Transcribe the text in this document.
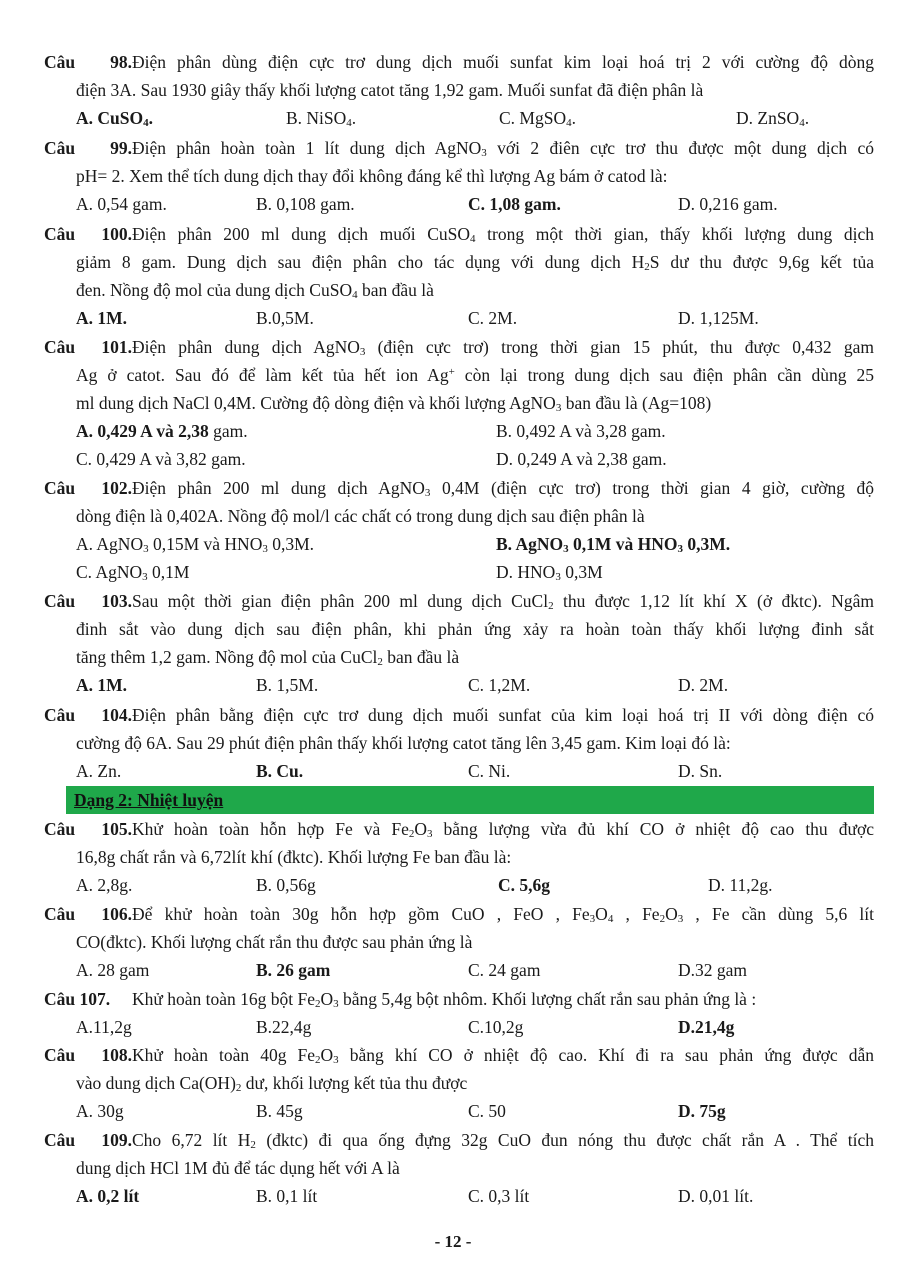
Câu 98.Điện phân dùng điện cực trơ dung dịch muối sunfat kim loại hoá trị 2 với cường độ dòng
điện 3A. Sau 1930 giây thấy khối lượng catot tăng 1,92 gam. Muối sunfat đã điện phân là
A. CuSO$_4$.	B. NiSO$_4$.	C. MgSO$_4$.	D. ZnSO$_4$.
Câu 99.Điện phân hoàn toàn 1 lít dung dịch AgNO$_3$ với 2 điên cực trơ thu được một dung dịch có
pH= 2. Xem thể tích dung dịch thay đổi không đáng kể thì lượng Ag bám ở catod là:
A. 0,54 gam.	B. 0,108 gam.	C. 1,08 gam.	D. 0,216 gam.
Câu 100.Điện phân 200 ml dung dịch muối CuSO$_4$ trong một thời gian, thấy khối lượng dung dịch
giảm 8 gam. Dung dịch sau điện phân cho tác dụng với dung dịch $H_2S$ dư thu được 9,6g kết tủa
đen. Nồng độ mol của dung dịch CuSO$_4$ ban đầu là
A. 1M.	B.0,5M.	C. 2M.	D. 1,125M.
Câu 101.Điện phân dung dịch AgNO$_3$ (điện cực trơ) trong thời gian 15 phút, thu được 0,432 gam
Ag ở catot. Sau đó để làm kết tủa hết ion Ag+ còn lại trong dung dịch sau điện phân cần dùng 25
ml dung dịch NaCl 0,4M. Cường độ dòng điện và khối lượng AgNO$_3$ ban đầu là (Ag=108)
A. 0,429 A và 2,38 gam.	B. 0,492 A và 3,28 gam.
C. 0,429 A và 3,82 gam.	D. 0,249 A và 2,38 gam.
Câu 102.Điện phân 200 ml dung dịch AgNO$_3$ 0,4M (điện cực trơ) trong thời gian 4 giờ, cường độ
dòng điện là 0,402A. Nồng độ mol/l các chất có trong dung dịch sau điện phân là
A. AgNO$_3$ 0,15M và $HNO_3$ 0,3M.	B. AgNO$_3$ 0,1M và $HNO_3$ 0,3M.
C. AgNO$_3$ 0,1M	D. $HNO_3$ 0,3M
Câu 103.Sau một thời gian điện phân 200 ml dung dịch CuCl$_2$ thu được 1,12 lít khí X (ở đktc). Ngâm
đinh sắt vào dung dịch sau điện phân, khi phản ứng xảy ra hoàn toàn thấy khối lượng đinh sắt
tăng thêm 1,2 gam. Nồng độ mol của CuCl$_2$ ban đầu là
A. 1M.	B. 1,5M.	C. 1,2M.	D. 2M.
Câu 104.Điện phân bằng điện cực trơ dung dịch muối sunfat của kim loại hoá trị II với dòng điện có
cường độ 6A. Sau 29 phút điện phân thấy khối lượng catot tăng lên 3,45 gam. Kim loại đó là:
A. Zn.	B. Cu.	C. Ni.	D. Sn.
Dạng 2: Nhiệt luyện
Câu 105.Khử hoàn toàn hỗn hợp Fe và $Fe_2O_3$ bằng lượng vừa đủ khí CO ở nhiệt độ cao thu được
16,8g chất rắn và 6,72lít khí (đktc). Khối lượng Fe ban đầu là:
A. 2,8g.	B. 0,56g	C. 5,6g	D. 11,2g.
Câu 106.Để khử hoàn toàn 30g hỗn hợp gồm CuO , FeO , $Fe_3O_4$ , $Fe_2O_3$ , Fe cần dùng 5,6 lít
CO(đktc). Khối lượng chất rắn thu được sau phản ứng là
A. 28 gam	B. 26 gam	C. 24 gam	D.32 gam
Câu 107. Khử hoàn toàn 16g bột $Fe_2O_3$ bằng 5,4g bột nhôm. Khối lượng chất rắn sau phản ứng là :
A.11,2g	B.22,4g	C.10,2g	D.21,4g
Câu 108.Khử hoàn toàn 40g $Fe_2O_3$ bằng khí CO ở nhiệt độ cao. Khí đi ra sau phản ứng được dẫn
vào dung dịch $Ca(OH)_2$ dư, khối lượng kết tủa thu được
A. 30g	B. 45g	C. 50	D. 75g
Câu 109.Cho 6,72 lít $H_2$ (đktc) đi qua ống đựng 32g CuO đun nóng thu được chất rắn A . Thể tích
dung dịch HCl 1M đủ để tác dụng hết với A là
A. 0,2 lít	B. 0,1 lít	C. 0,3 lít	D. 0,01 lít.
- 12 -
